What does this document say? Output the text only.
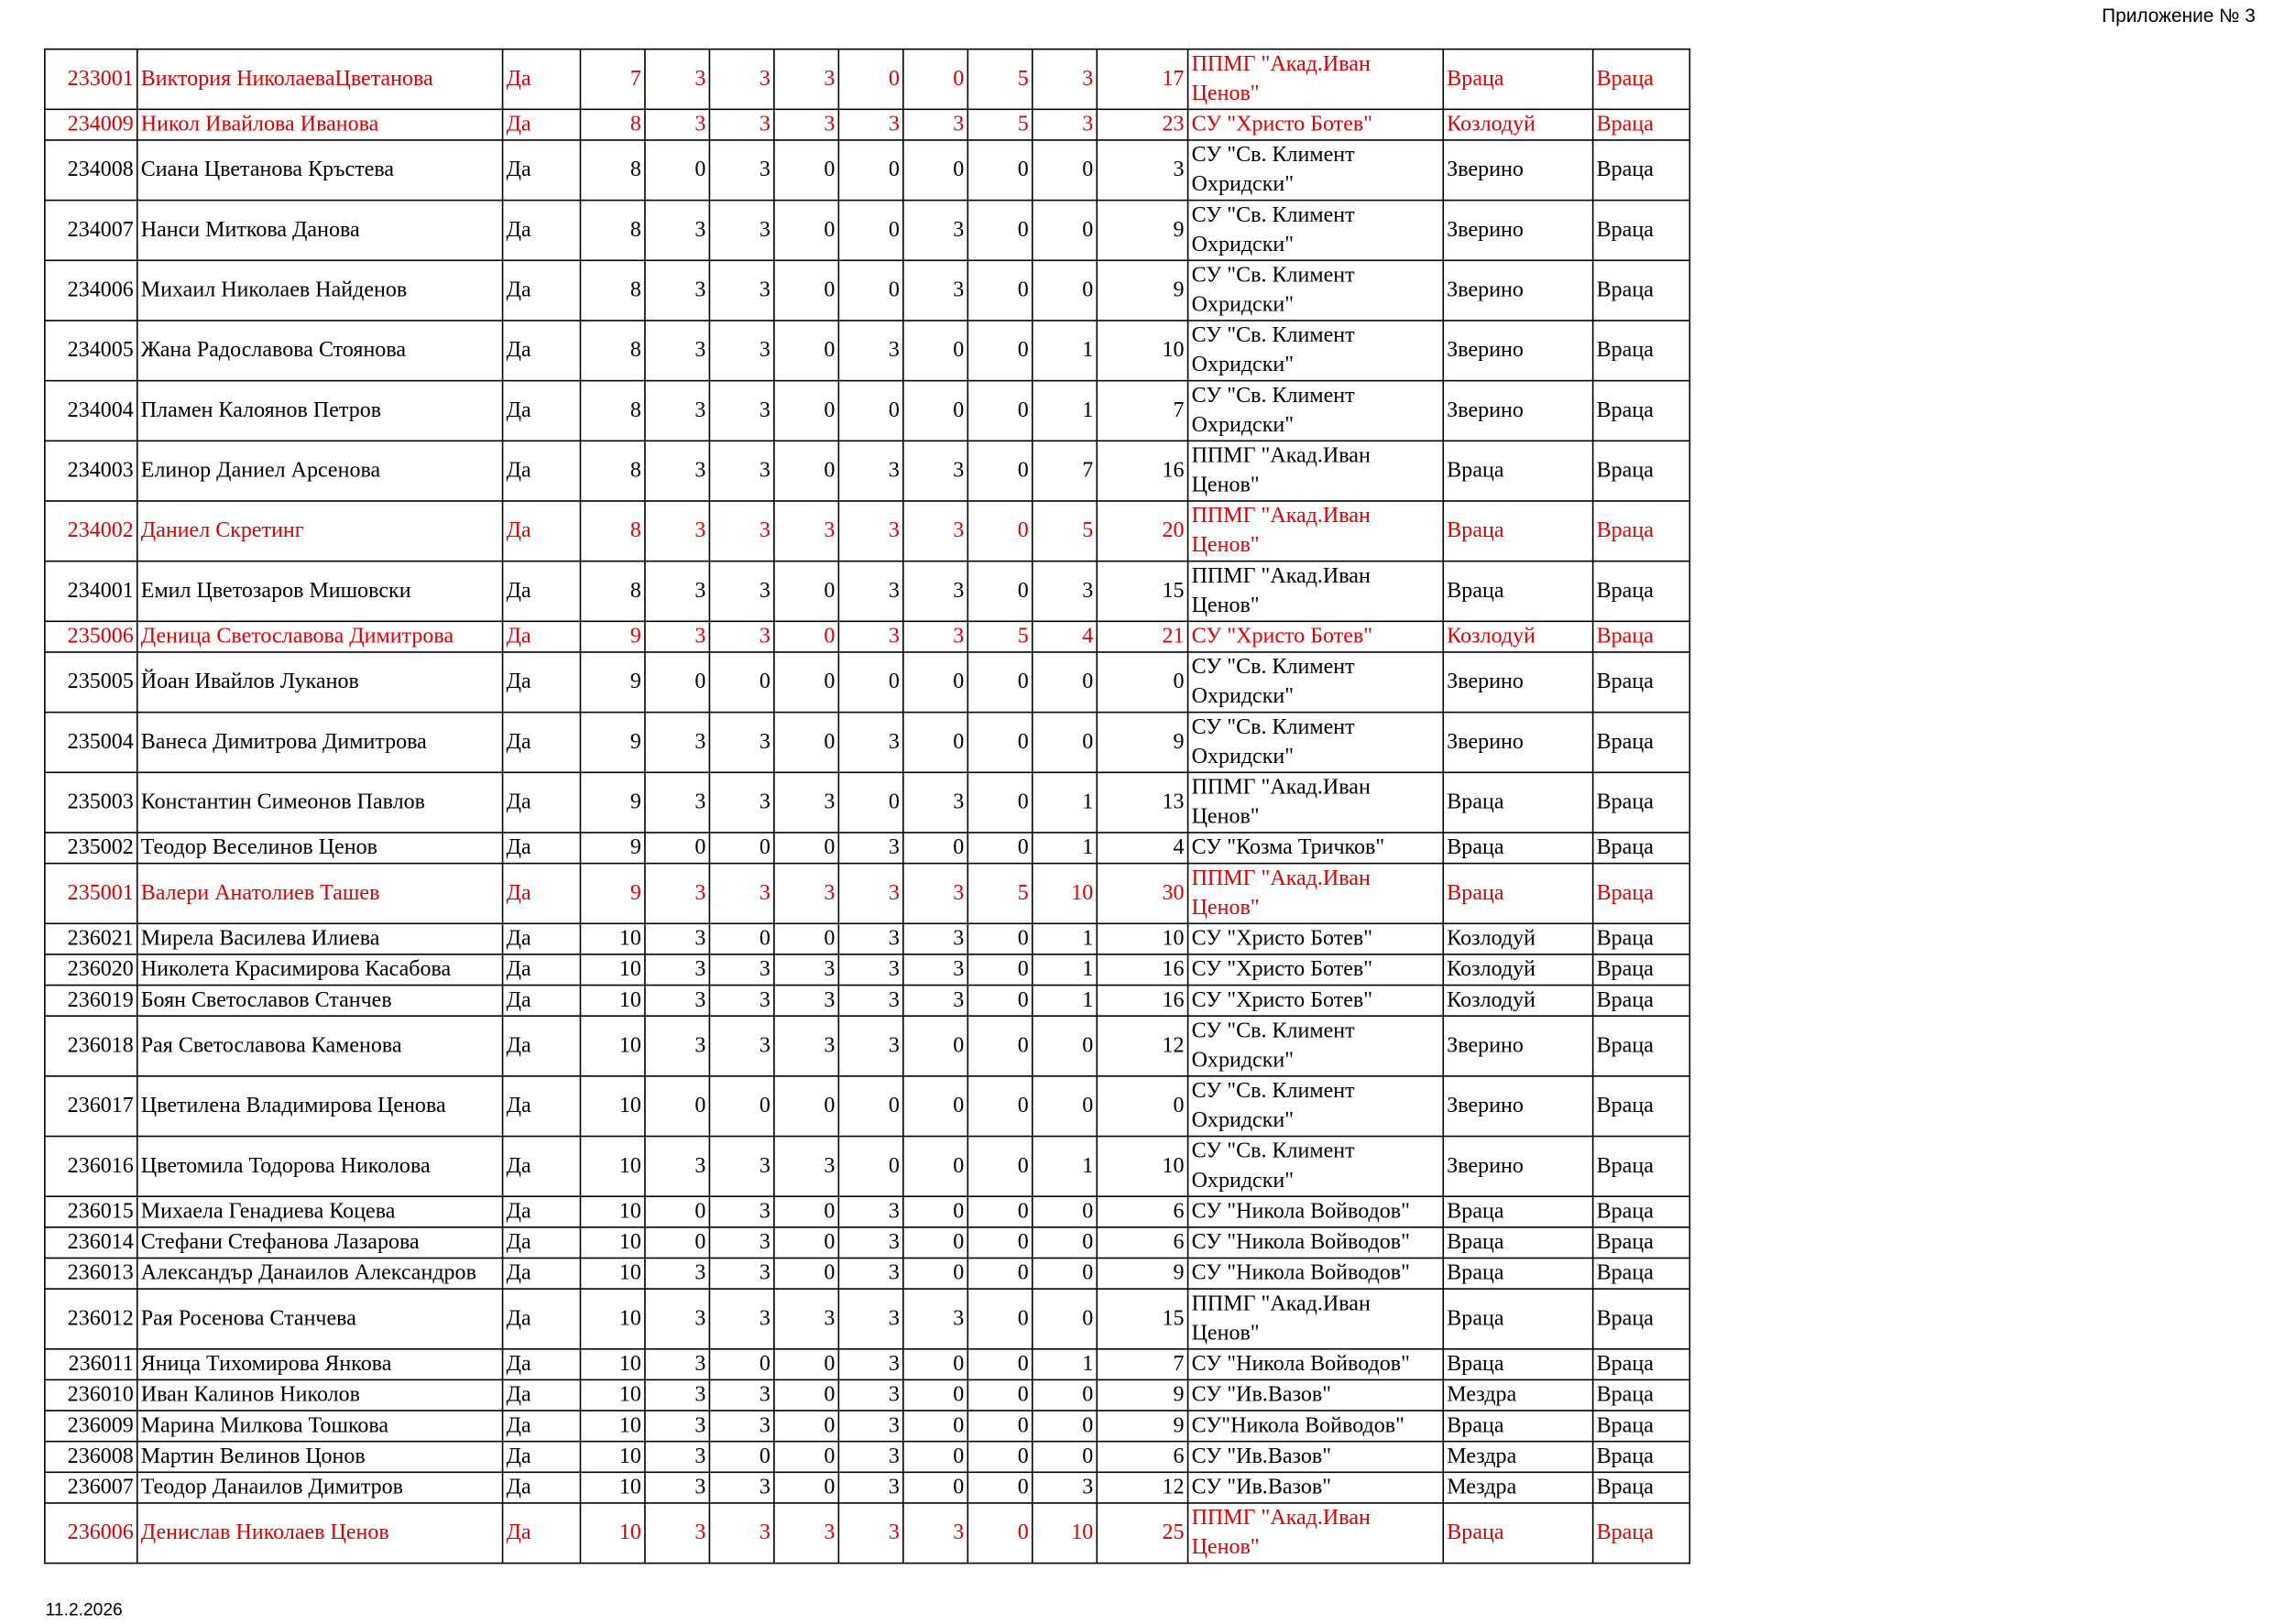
Приложение № 3
233001	Виктория НиколаеваЦветанова	Да	7	3	3	3	0	0	5	3	17	ППМГ "Акад.Иван Ценов"	Враца	Враца
234009	Никол Ивайлова Иванова	Да	8	3	3	3	3	3	5	3	23	СУ "Христо Ботев"	Козлодуй	Враца
234008	Сиана Цветанова Кръстева	Да	8	0	3	0	0	0	0	0	3	СУ "Св. Климент Охридски"	Зверино	Враца
234007	Нанси Миткова Данова	Да	8	3	3	0	0	3	0	0	9	СУ "Св. Климент Охридски"	Зверино	Враца
234006	Михаил Николаев Найденов	Да	8	3	3	0	0	3	0	0	9	СУ "Св. Климент Охридски"	Зверино	Враца
234005	Жана Радославова Стоянова	Да	8	3	3	0	3	0	0	1	10	СУ "Св. Климент Охридски"	Зверино	Враца
234004	Пламен Калоянов Петров	Да	8	3	3	0	0	0	0	1	7	СУ "Св. Климент Охридски"	Зверино	Враца
234003	Елинор Даниел Арсенова	Да	8	3	3	0	3	3	0	7	16	ППМГ "Акад.Иван Ценов"	Враца	Враца
234002	Даниел Скретинг	Да	8	3	3	3	3	3	0	5	20	ППМГ "Акад.Иван Ценов"	Враца	Враца
234001	Емил Цветозаров Мишовски	Да	8	3	3	0	3	3	0	3	15	ППМГ "Акад.Иван Ценов"	Враца	Враца
235006	Деница Светославова Димитрова	Да	9	3	3	0	3	3	5	4	21	СУ "Христо Ботев"	Козлодуй	Враца
235005	Йоан Ивайлов Луканов	Да	9	0	0	0	0	0	0	0	0	СУ "Св. Климент Охридски"	Зверино	Враца
235004	Ванеса Димитрова Димитрова	Да	9	3	3	0	3	0	0	0	9	СУ "Св. Климент Охридски"	Зверино	Враца
235003	Константин Симеонов Павлов	Да	9	3	3	3	0	3	0	1	13	ППМГ "Акад.Иван Ценов"	Враца	Враца
235002	Теодор Веселинов Ценов	Да	9	0	0	0	3	0	0	1	4	СУ "Козма Тричков"	Враца	Враца
235001	Валери Анатолиев Ташев	Да	9	3	3	3	3	3	5	10	30	ППМГ "Акад.Иван Ценов"	Враца	Враца
236021	Мирела Василева Илиева	Да	10	3	0	0	3	3	0	1	10	СУ "Христо Ботев"	Козлодуй	Враца
236020	Николета Красимирова Касабова	Да	10	3	3	3	3	3	0	1	16	СУ "Христо Ботев"	Козлодуй	Враца
236019	Боян Светославов Станчев	Да	10	3	3	3	3	3	0	1	16	СУ "Христо Ботев"	Козлодуй	Враца
236018	Рая Светославова Каменова	Да	10	3	3	3	3	0	0	0	12	СУ "Св. Климент Охридски"	Зверино	Враца
236017	Цветилена Владимирова Ценова	Да	10	0	0	0	0	0	0	0	0	СУ "Св. Климент Охридски"	Зверино	Враца
236016	Цветомила Тодорова Николова	Да	10	3	3	3	0	0	0	1	10	СУ "Св. Климент Охридски"	Зверино	Враца
236015	Михаела Генадиева Коцева	Да	10	0	3	0	3	0	0	0	6	СУ "Никола Войводов"	Враца	Враца
236014	Стефани Стефанова Лазарова	Да	10	0	3	0	3	0	0	0	6	СУ "Никола Войводов"	Враца	Враца
236013	Александър Данаилов Александров	Да	10	3	3	0	3	0	0	0	9	СУ "Никола Войводов"	Враца	Враца
236012	Рая Росенова Станчева	Да	10	3	3	3	3	3	0	0	15	ППМГ "Акад.Иван Ценов"	Враца	Враца
236011	Яница Тихомирова Янкова	Да	10	3	0	0	3	0	0	1	7	СУ "Никола Войводов"	Враца	Враца
236010	Иван Калинов Николов	Да	10	3	3	0	3	0	0	0	9	СУ "Ив.Вазов"	Мездра	Враца
236009	Марина Милкова Тошкова	Да	10	3	3	0	3	0	0	0	9	СУ"Никола Войводов"	Враца	Враца
236008	Мартин Велинов Цонов	Да	10	3	0	0	3	0	0	0	6	СУ "Ив.Вазов"	Мездра	Враца
236007	Теодор Данаилов Димитров	Да	10	3	3	0	3	0	0	3	12	СУ "Ив.Вазов"	Мездра	Враца
236006	Денислав Николаев Ценов	Да	10	3	3	3	3	3	0	10	25	ППМГ "Акад.Иван Ценов"	Враца	Враца
11.2.2026
